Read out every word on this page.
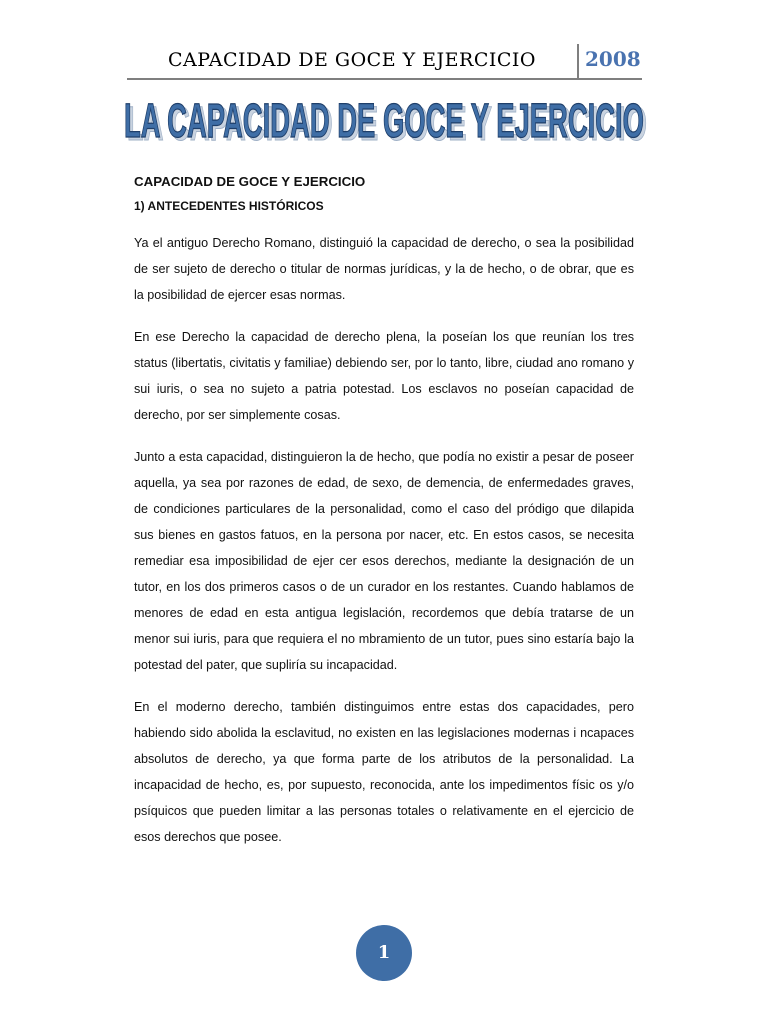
CAPACIDAD DE GOCE Y EJERCICIO	2008
LA CAPACIDAD DE GOCE Y EJERCICIO
LA CAPACIDAD DE GOCE Y EJERCICIO
CAPACIDAD DE GOCE Y EJERCICIO
1) ANTECEDENTES HISTÓRICOS

Ya el antiguo Derecho Romano, distinguió la capacidad de derecho, o sea la posibilidad de ser sujeto de derecho o titular de normas jurídicas, y la de hecho, o de obrar, que es la posibilidad de ejercer esas normas.

En ese Derecho la capacidad de derecho plena, la poseían los que reunían los tres status (libertatis, civitatis y familiae) debiendo ser, por lo tanto, libre, ciudad ano romano y sui iuris, o sea no sujeto a patria potestad. Los esclavos no poseían capacidad de derecho, por ser simplemente cosas.

Junto a esta capacidad, distinguieron la de hecho, que podía no existir a pesar de poseer aquella, ya sea por razones de edad, de sexo, de demencia, de enfermedades graves, de condiciones particulares de la personalidad, como el caso del pródigo que dilapida sus bienes en gastos fatuos, en la persona por nacer, etc. En estos casos, se necesita remediar esa imposibilidad de ejer cer esos derechos, mediante la designación de un tutor, en los dos primeros casos o de un curador en los restantes. Cuando hablamos de menores de edad en esta antigua legislación, recordemos que debía tratarse de un menor sui iuris, para que requiera el no mbramiento de un tutor, pues sino estaría bajo la potestad del pater, que supliría su incapacidad.

En el moderno derecho, también distinguimos entre estas dos capacidades, pero habiendo sido abolida la esclavitud, no existen en las legislaciones modernas i ncapaces absolutos de derecho, ya que forma parte de los atributos de la personalidad. La incapacidad de hecho, es, por supuesto, reconocida, ante los impedimentos físic os y/o psíquicos que pueden limitar a las personas totales o relativamente en el ejercicio de esos derechos que posee.

1
